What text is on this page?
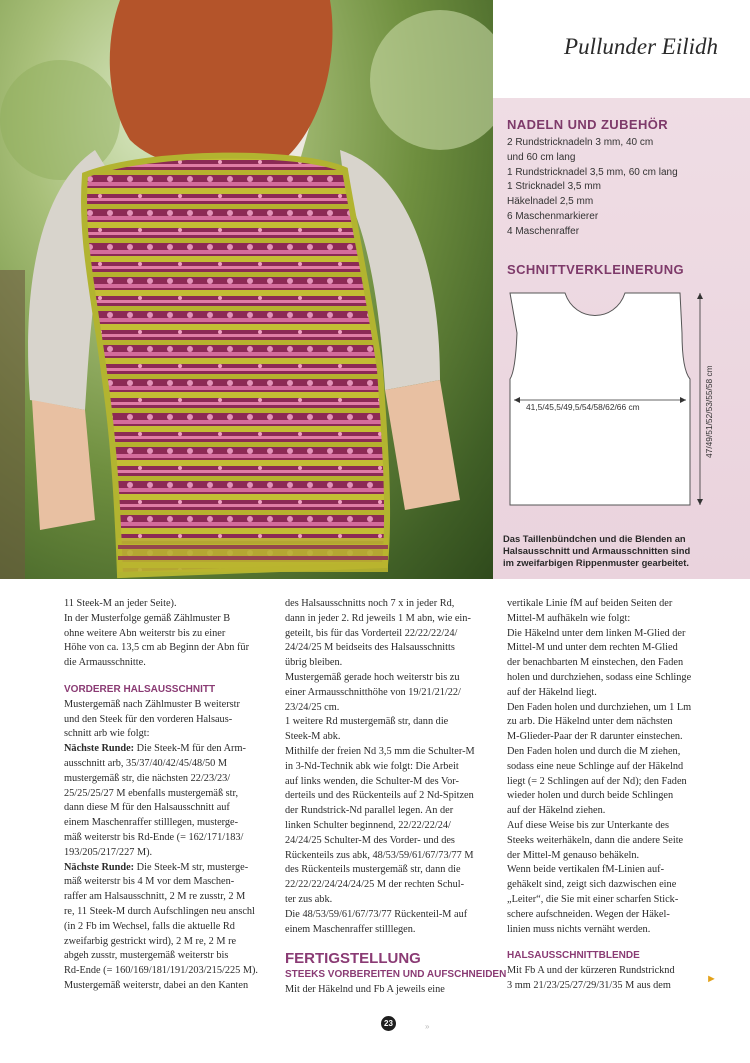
Pullunder Eilidh
NADELN UND ZUBEHÖR
2 Rundstricknadeln 3 mm, 40 cm
und 60 cm lang
1 Rundstricknadel 3,5 mm, 60 cm lang
1 Stricknadel 3,5 mm
Häkelnadel 2,5 mm
6 Maschenmarkierer
4 Maschenraffer
SCHNITTVERKLEINERUNG
41,5/45,5/49,5/54/58/62/66 cm	47/49/51/52/53/55/58 cm
Das Taillenbündchen und die Blenden an
Halsausschnitt und Armausschnitten sind
im zweifarbigen Rippenmuster gearbeitet.
11 Steek-M an jeder Seite).
In der Musterfolge gemäß Zählmuster B
ohne weitere Abn weiterstr bis zu einer
Höhe von ca. 13,5 cm ab Beginn der Abn für
die Armausschnitte.
VORDERER HALSAUSSCHNITT
Mustergemäß nach Zählmuster B weiterstr
und den Steek für den vorderen Halsaus-
schnitt arb wie folgt:
Nächste Runde: Die Steek-M für den Arm-
ausschnitt arb, 35/37/40/42/45/48/50 M
mustergemäß str, die nächsten 22/23/23/
25/25/25/27 M ebenfalls mustergemäß str,
dann diese M für den Halsausschnitt auf
einem Maschenraffer stilllegen, musterge-
mäß weiterstr bis Rd-Ende (= 162/171/183/
193/205/217/227 M).
Nächste Runde: Die Steek-M str, musterge-
mäß weiterstr bis 4 M vor dem Maschen-
raffer am Halsausschnitt, 2 M re zusstr, 2 M
re, 11 Steek-M durch Aufschlingen neu anschl
(in 2 Fb im Wechsel, falls die aktuelle Rd
zweifarbig gestrickt wird), 2 M re, 2 M re
abgeh zusstr, mustergemäß weiterstr bis
Rd-Ende (= 160/169/181/191/203/215/225 M).
Mustergemäß weiterstr, dabei an den Kanten
des Halsausschnitts noch 7 x in jeder Rd,
dann in jeder 2. Rd jeweils 1 M abn, wie ein-
geteilt, bis für das Vorderteil 22/22/22/24/
24/24/25 M beidseits des Halsausschnitts
übrig bleiben.
Mustergemäß gerade hoch weiterstr bis zu
einer Armausschnitthöhe von 19/21/21/22/
23/24/25 cm.
1 weitere Rd mustergemäß str, dann die
Steek-M abk.
Mithilfe der freien Nd 3,5 mm die Schulter-M
in 3-Nd-Technik abk wie folgt: Die Arbeit
auf links wenden, die Schulter-M des Vor-
derteils und des Rückenteils auf 2 Nd-Spitzen
der Rundstrick-Nd parallel legen. An der
linken Schulter beginnend, 22/22/22/24/
24/24/25 Schulter-M des Vorder- und des
Rückenteils zus abk, 48/53/59/61/67/73/77 M
des Rückenteils mustergemäß str, dann die
22/22/22/24/24/24/25 M der rechten Schul-
ter zus abk.
Die 48/53/59/61/67/73/77 Rückenteil-M auf
einem Maschenraffer stilllegen.
FERTIGSTELLUNG
STEEKS VORBEREITEN UND AUFSCHNEIDEN
Mit der Häkelnd und Fb A jeweils eine
vertikale Linie fM auf beiden Seiten der
Mittel-M aufhäkeln wie folgt:
Die Häkelnd unter dem linken M-Glied der
Mittel-M und unter dem rechten M-Glied
der benachbarten M einstechen, den Faden
holen und durchziehen, sodass eine Schlinge
auf der Häkelnd liegt.
Den Faden holen und durchziehen, um 1 Lm
zu arb. Die Häkelnd unter dem nächsten
M-Glieder-Paar der R darunter einstechen.
Den Faden holen und durch die M ziehen,
sodass eine neue Schlinge auf der Häkelnd
liegt (= 2 Schlingen auf der Nd); den Faden
wieder holen und durch beide Schlingen
auf der Häkelnd ziehen.
Auf diese Weise bis zur Unterkante des
Steeks weiterhäkeln, dann die andere Seite
der Mittel-M genauso behäkeln.
Wenn beide vertikalen fM-Linien auf-
gehäkelt sind, zeigt sich dazwischen eine
„Leiter“, die Sie mit einer scharfen Stick-
schere aufschneiden. Wegen der Häkel-
linien muss nichts vernäht werden.
HALSAUSSCHNITTBLENDE
Mit Fb A und der kürzeren Rundstricknd
3 mm 21/23/25/27/29/31/35 M aus dem
►
23	»
